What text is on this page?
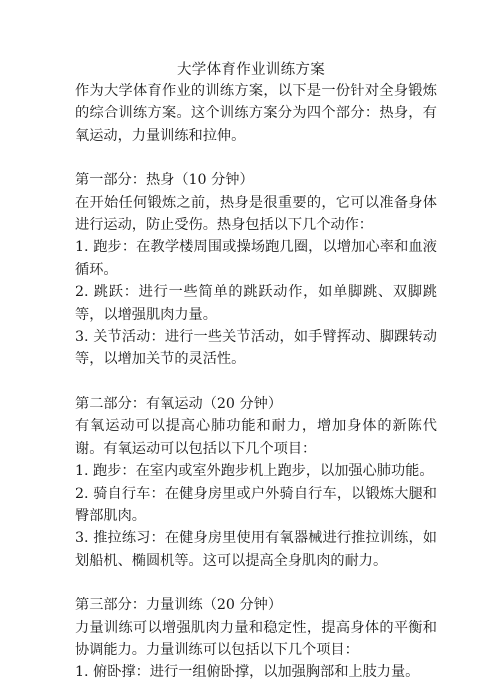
大学体育作业训练方案

作为大学体育作业的训练方案，以下是一份针对全身锻炼的综合训练方案。这个训练方案分为四个部分：热身，有氧运动，力量训练和拉伸。

第一部分：热身（10 分钟）

在开始任何锻炼之前，热身是很重要的，它可以准备身体进行运动，防止受伤。热身包括以下几个动作：

1. 跑步：在教学楼周围或操场跑几圈，以增加心率和血液循环。

2. 跳跃：进行一些简单的跳跃动作，如单脚跳、双脚跳等，以增强肌肉力量。

3. 关节活动：进行一些关节活动，如手臂挥动、脚踝转动等，以增加关节的灵活性。

第二部分：有氧运动（20 分钟）

有氧运动可以提高心肺功能和耐力，增加身体的新陈代谢。有氧运动可以包括以下几个项目：

1. 跑步：在室内或室外跑步机上跑步，以加强心肺功能。

2. 骑自行车：在健身房里或户外骑自行车，以锻炼大腿和臀部肌肉。

3. 推拉练习：在健身房里使用有氧器械进行推拉训练，如划船机、椭圆机等。这可以提高全身肌肉的耐力。

第三部分：力量训练（20 分钟）

力量训练可以增强肌肉力量和稳定性，提高身体的平衡和协调能力。力量训练可以包括以下几个项目：

1. 俯卧撑：进行一组俯卧撑，以加强胸部和上肢力量。
